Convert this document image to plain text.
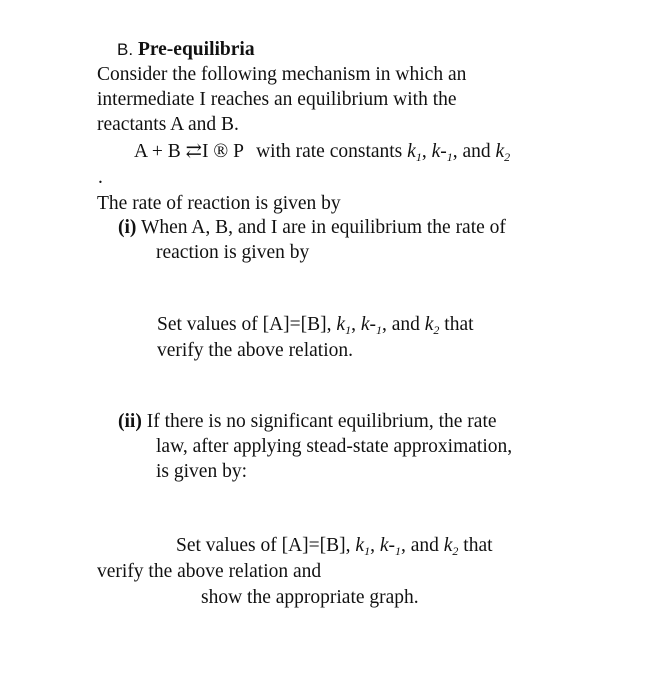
B. Pre-equilibria
Consider the following mechanism in which an
intermediate I reaches an equilibrium with the
reactants A and B.
A + B ⇄I ® P with rate constants $k_1$, $k-_1$, and $k_2$
.
The rate of reaction is given by
(i) When A, B, and I are in equilibrium the rate of
reaction is given by
Set values of [A]=[B], $k_1$, $k-_1$, and $k_2$ that
verify the above relation.
(ii) If there is no significant equilibrium, the rate
law, after applying stead-state approximation,
is given by:
Set values of [A]=[B], $k_1$, $k-_1$, and $k_2$ that
verify the above relation and
show the appropriate graph.
